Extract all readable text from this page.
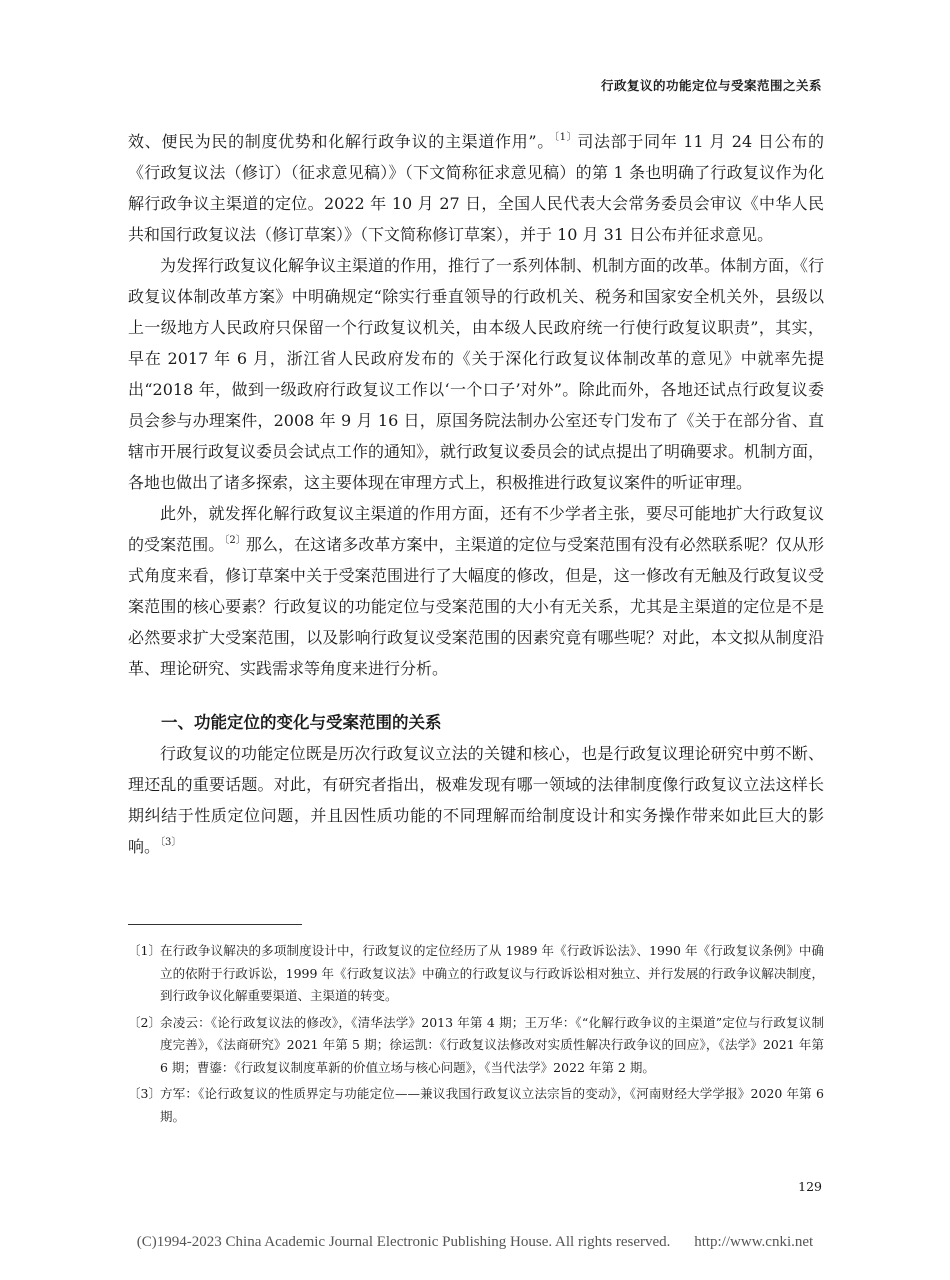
行政复议的功能定位与受案范围之关系

效、便民为民的制度优势和化解行政争议的主渠道作用”。$^{〔1〕}$司法部于同年 11 月 24 日公布的《行政复议法（修订）（征求意见稿）》（下文简称征求意见稿）的第 1 条也明确了行政复议作为化解行政争议主渠道的定位。2022 年 10 月 27 日，全国人民代表大会常务委员会审议《中华人民共和国行政复议法（修订草案）》（下文简称修订草案），并于 10 月 31 日公布并征求意见。

为发挥行政复议化解争议主渠道的作用，推行了一系列体制、机制方面的改革。体制方面，《行政复议体制改革方案》中明确规定“除实行垂直领导的行政机关、税务和国家安全机关外，县级以上一级地方人民政府只保留一个行政复议机关，由本级人民政府统一行使行政复议职责”，其实，早在 2017 年 6 月，浙江省人民政府发布的《关于深化行政复议体制改革的意见》中就率先提出“2018 年，做到一级政府行政复议工作以‘一个口子’对外”。除此而外，各地还试点行政复议委员会参与办理案件，2008 年 9 月 16 日，原国务院法制办公室还专门发布了《关于在部分省、直辖市开展行政复议委员会试点工作的通知》，就行政复议委员会的试点提出了明确要求。机制方面，各地也做出了诸多探索，这主要体现在审理方式上，积极推进行政复议案件的听证审理。

此外，就发挥化解行政复议主渠道的作用方面，还有不少学者主张，要尽可能地扩大行政复议的受案范围。$^{〔2〕}$那么，在这诸多改革方案中，主渠道的定位与受案范围有没有必然联系呢？仅从形式角度来看，修订草案中关于受案范围进行了大幅度的修改，但是，这一修改有无触及行政复议受案范围的核心要素？行政复议的功能定位与受案范围的大小有无关系，尤其是主渠道的定位是不是必然要求扩大受案范围，以及影响行政复议受案范围的因素究竟有哪些呢？对此，本文拟从制度沿革、理论研究、实践需求等角度来进行分析。

一、功能定位的变化与受案范围的关系

行政复议的功能定位既是历次行政复议立法的关键和核心，也是行政复议理论研究中剪不断、理还乱的重要话题。对此，有研究者指出，极难发现有哪一领域的法律制度像行政复议立法这样长期纠结于性质定位问题，并且因性质功能的不同理解而给制度设计和实务操作带来如此巨大的影响。$^{〔3〕}$

〔1〕 在行政争议解决的多项制度设计中，行政复议的定位经历了从 1989 年《行政诉讼法》、1990 年《行政复议条例》中确立的依附于行政诉讼，1999 年《行政复议法》中确立的行政复议与行政诉讼相对独立、并行发展的行政争议解决制度，到行政争议化解重要渠道、主渠道的转变。
〔2〕 余凌云：《论行政复议法的修改》，《清华法学》2013 年第 4 期；王万华：《“化解行政争议的主渠道”定位与行政复议制度完善》，《法商研究》2021 年第 5 期；徐运凯：《行政复议法修改对实质性解决行政争议的回应》，《法学》2021 年第 6 期；曹鎏：《行政复议制度革新的价值立场与核心问题》，《当代法学》2022 年第 2 期。
〔3〕 方军：《论行政复议的性质界定与功能定位——兼议我国行政复议立法宗旨的变动》，《河南财经大学学报》2020 年第 6 期。
129
(C)1994-2023 China Academic Journal Electronic Publishing House. All rights reserved. http://www.cnki.net
